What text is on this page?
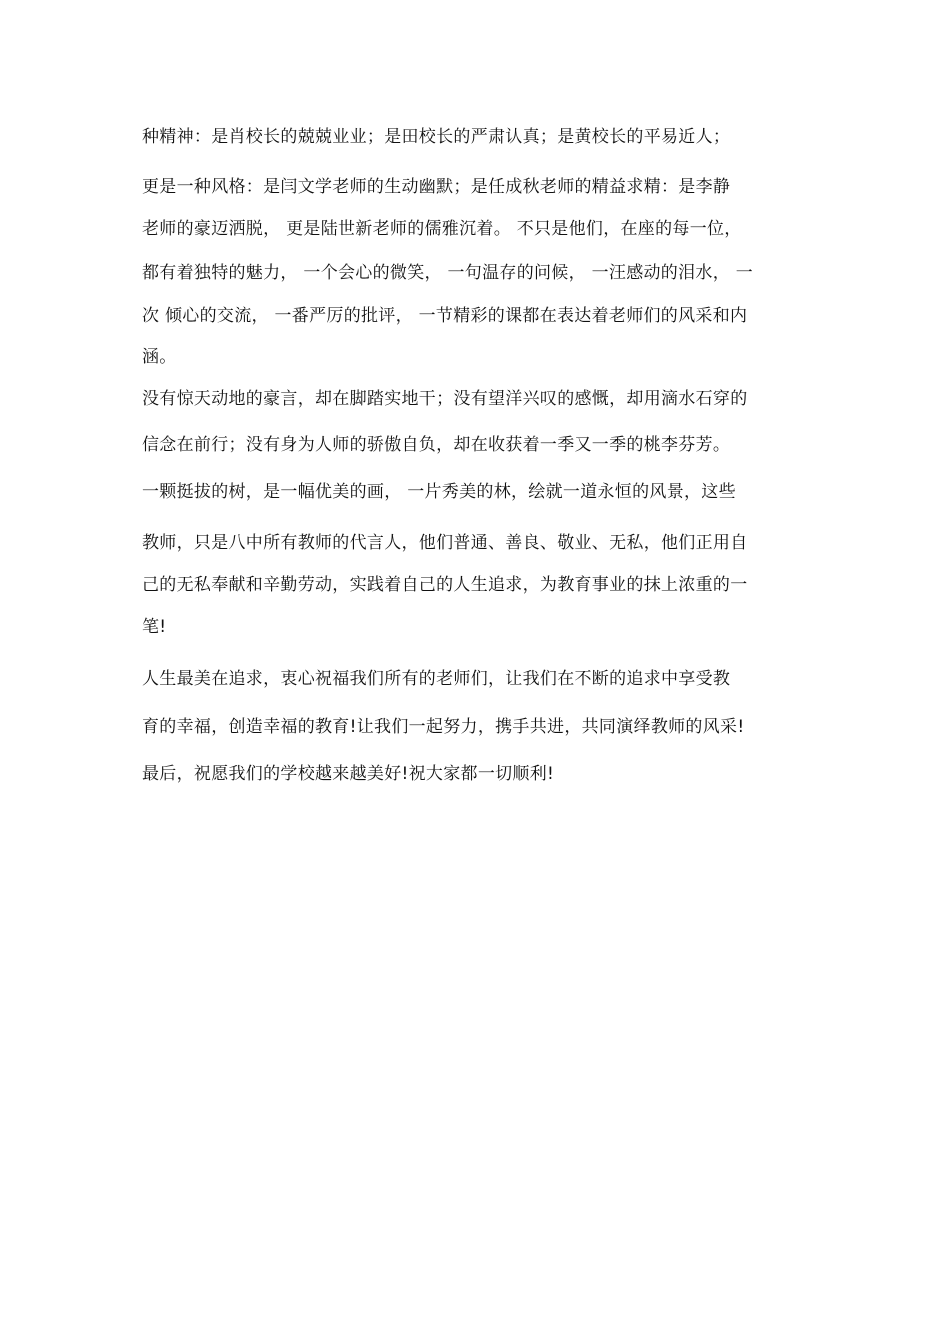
种精神：是肖校长的兢兢业业；是田校长的严肃认真；是黄校长的平易近人；
更是一种风格：是闫文学老师的生动幽默；是任成秋老师的精益求精：是李静
老师的豪迈洒脱， 更是陆世新老师的儒雅沉着。 不只是他们，在座的每一位，
都有着独特的魅力， 一个会心的微笑， 一句温存的问候， 一汪感动的泪水， 一
次 倾心的交流， 一番严厉的批评， 一节精彩的课都在表达着老师们的风采和内
涵。
没有惊天动地的豪言，却在脚踏实地干；没有望洋兴叹的感慨，却用滴水石穿的
信念在前行；没有身为人师的骄傲自负，却在收获着一季又一季的桃李芬芳。
一颗挺拔的树，是一幅优美的画， 一片秀美的林，绘就一道永恒的风景，这些
教师，只是八中所有教师的代言人，他们普通、善良、敬业、无私，他们正用自
己的无私奉献和辛勤劳动，实践着自己的人生追求，为教育事业的抹上浓重的一
笔!
人生最美在追求，衷心祝福我们所有的老师们，让我们在不断的追求中享受教
育的幸福，创造幸福的教育!让我们一起努力，携手共进，共同演绎教师的风采!
最后，祝愿我们的学校越来越美好!祝大家都一切顺利!
